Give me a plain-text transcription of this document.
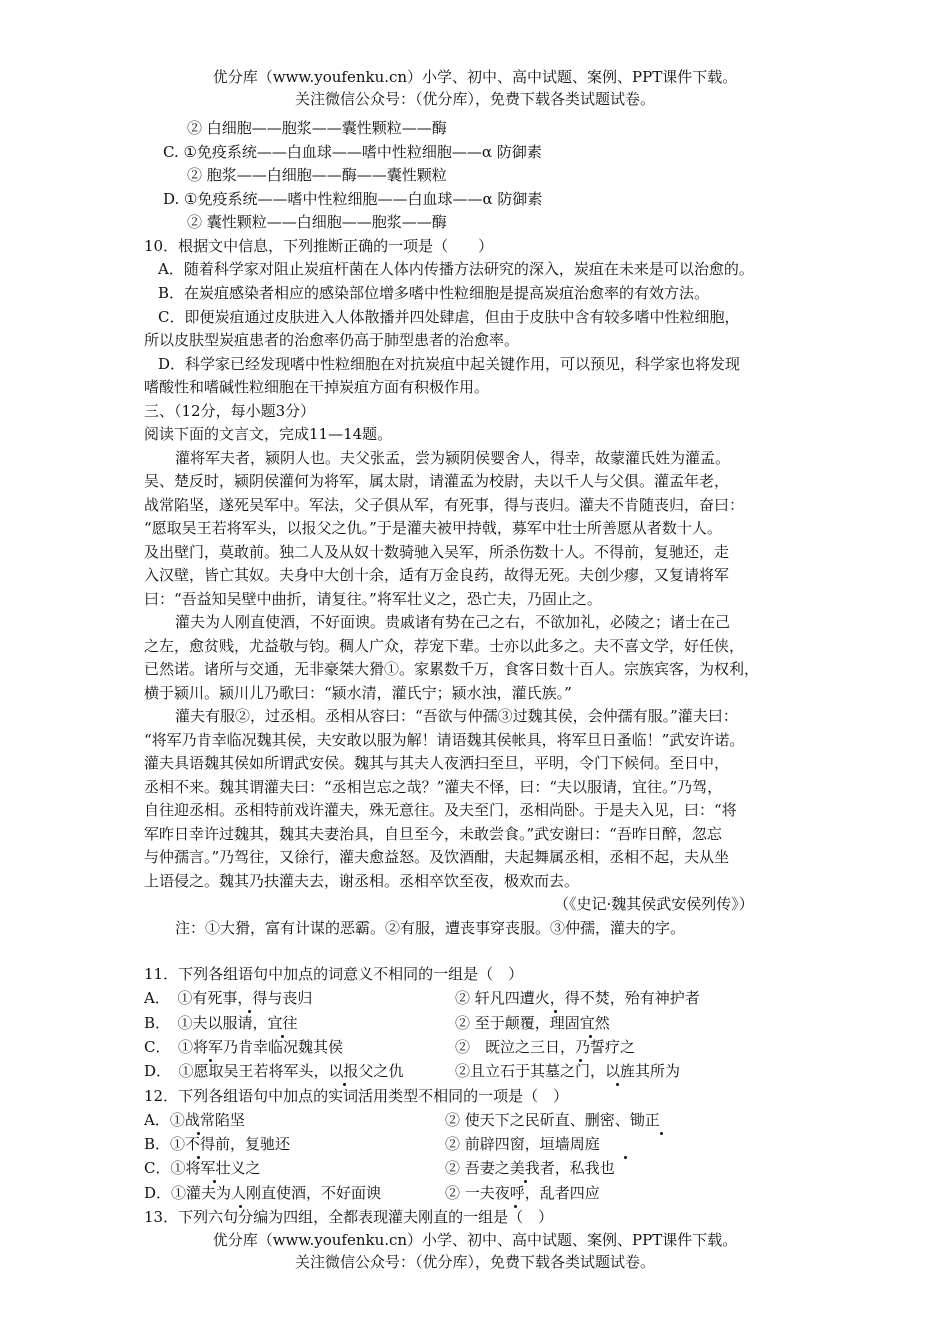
优分库（www.youfenku.cn）小学、初中、高中试题、案例、PPT课件下载。
关注微信公众号：（优分库），免费下载各类试题试卷。
② 白细胞——胞浆——囊性颗粒——酶
C. ①免疫系统——白血球——嗜中性粒细胞——α 防御素
② 胞浆——白细胞——酶——囊性颗粒
D. ①免疫系统——嗜中性粒细胞——白血球——α 防御素
② 囊性颗粒——白细胞——胞浆——酶
10．根据文中信息，下列推断正确的一项是（　　）
A．随着科学家对阻止炭疽杆菌在人体内传播方法研究的深入，炭疽在未来是可以治愈的。
B．在炭疽感染者相应的感染部位增多嗜中性粒细胞是提高炭疽治愈率的有效方法。
C．即便炭疽通过皮肤进入人体散播并四处肆虐，但由于皮肤中含有较多嗜中性粒细胞，
所以皮肤型炭疽患者的治愈率仍高于肺型患者的治愈率。
D．科学家已经发现嗜中性粒细胞在对抗炭疽中起关键作用，可以预见，科学家也将发现
嗜酸性和嗜碱性粒细胞在干掉炭疽方面有积极作用。
三、（12分，每小题3分）
阅读下面的文言文，完成11—14题。
灌将军夫者，颍阴人也。夫父张孟，尝为颍阴侯婴舍人，得幸，故蒙灌氏姓为灌孟。
吴、楚反时，颍阴侯灌何为将军，属太尉，请灌孟为校尉，夫以千人与父俱。灌孟年老，
战常陷坚，遂死吴军中。军法，父子俱从军，有死事，得与丧归。灌夫不肯随丧归，奋曰：
“愿取吴王若将军头，以报父之仇。”于是灌夫被甲持戟，募军中壮士所善愿从者数十人。
及出壁门，莫敢前。独二人及从奴十数骑驰入吴军，所杀伤数十人。不得前，复驰还，走
入汉壁，皆亡其奴。夫身中大创十余，适有万金良药，故得无死。夫创少瘳，又复请将军
曰：“吾益知吴壁中曲折，请复往。”将军壮义之，恐亡夫，乃固止之。
灌夫为人刚直使酒，不好面谀。贵戚诸有势在己之右，不欲加礼，必陵之；诸士在己
之左，愈贫贱，尤益敬与钧。稠人广众，荐宠下辈。士亦以此多之。夫不喜文学，好任侠，
已然诺。诸所与交通，无非豪桀大猾①。家累数千万，食客日数十百人。宗族宾客，为权利，
横于颍川。颍川儿乃歌曰：“颍水清，灌氏宁；颍水浊，灌氏族。”
灌夫有服②，过丞相。丞相从容曰：“吾欲与仲孺③过魏其侯，会仲孺有服。”灌夫曰：
“将军乃肯幸临况魏其侯，夫安敢以服为解！请语魏其侯帐具，将军旦日蚤临！”武安许诺。
灌夫具语魏其侯如所谓武安侯。魏其与其夫人夜洒扫至旦，平明，令门下候伺。至日中，
丞相不来。魏其谓灌夫曰：“丞相岂忘之哉？”灌夫不怿，曰：“夫以服请，宜往。”乃驾，
自往迎丞相。丞相特前戏许灌夫，殊无意往。及夫至门，丞相尚卧。于是夫入见，曰：“将
军昨日幸许过魏其，魏其夫妻治具，自旦至今，未敢尝食。”武安谢曰：“吾昨日醉，忽忘
与仲孺言。”乃驾往，又徐行，灌夫愈益怒。及饮酒酣，夫起舞属丞相，丞相不起，夫从坐
上语侵之。魏其乃扶灌夫去，谢丞相。丞相卒饮至夜，极欢而去。
（《史记·魏其侯武安侯列传》）
注：①大猾，富有计谋的恶霸。②有服，遭丧事穿丧服。③仲孺，灌夫的字。
11．下列各组语句中加点的词意义不相同的一组是（　）
A．　①有死事，得与丧归	② 轩凡四遭火，得不焚，殆有神护者
B．　①夫以服请，宜往	② 至于颠覆，理固宜然
C．　①将军乃肯幸临况魏其侯	②　既泣之三日，乃誓疗之
D．　①愿取吴王若将军头，以报父之仇	②且立石于其墓之门，以旌其所为
12．下列各组语句中加点的实词活用类型不相同的一项是（　）
A．①战常陷坚	② 使天下之民斫直、删密、锄正
B．①不得前，复驰还	② 前辟四窗，垣墙周庭
C．①将军壮义之	② 吾妻之美我者，私我也
D．①灌夫为人刚直使酒，不好面谀	② 一夫夜呼，乱者四应
13．下列六句分编为四组，全都表现灌夫刚直的一组是（　）
优分库（www.youfenku.cn）小学、初中、高中试题、案例、PPT课件下载。
关注微信公众号：（优分库），免费下载各类试题试卷。
